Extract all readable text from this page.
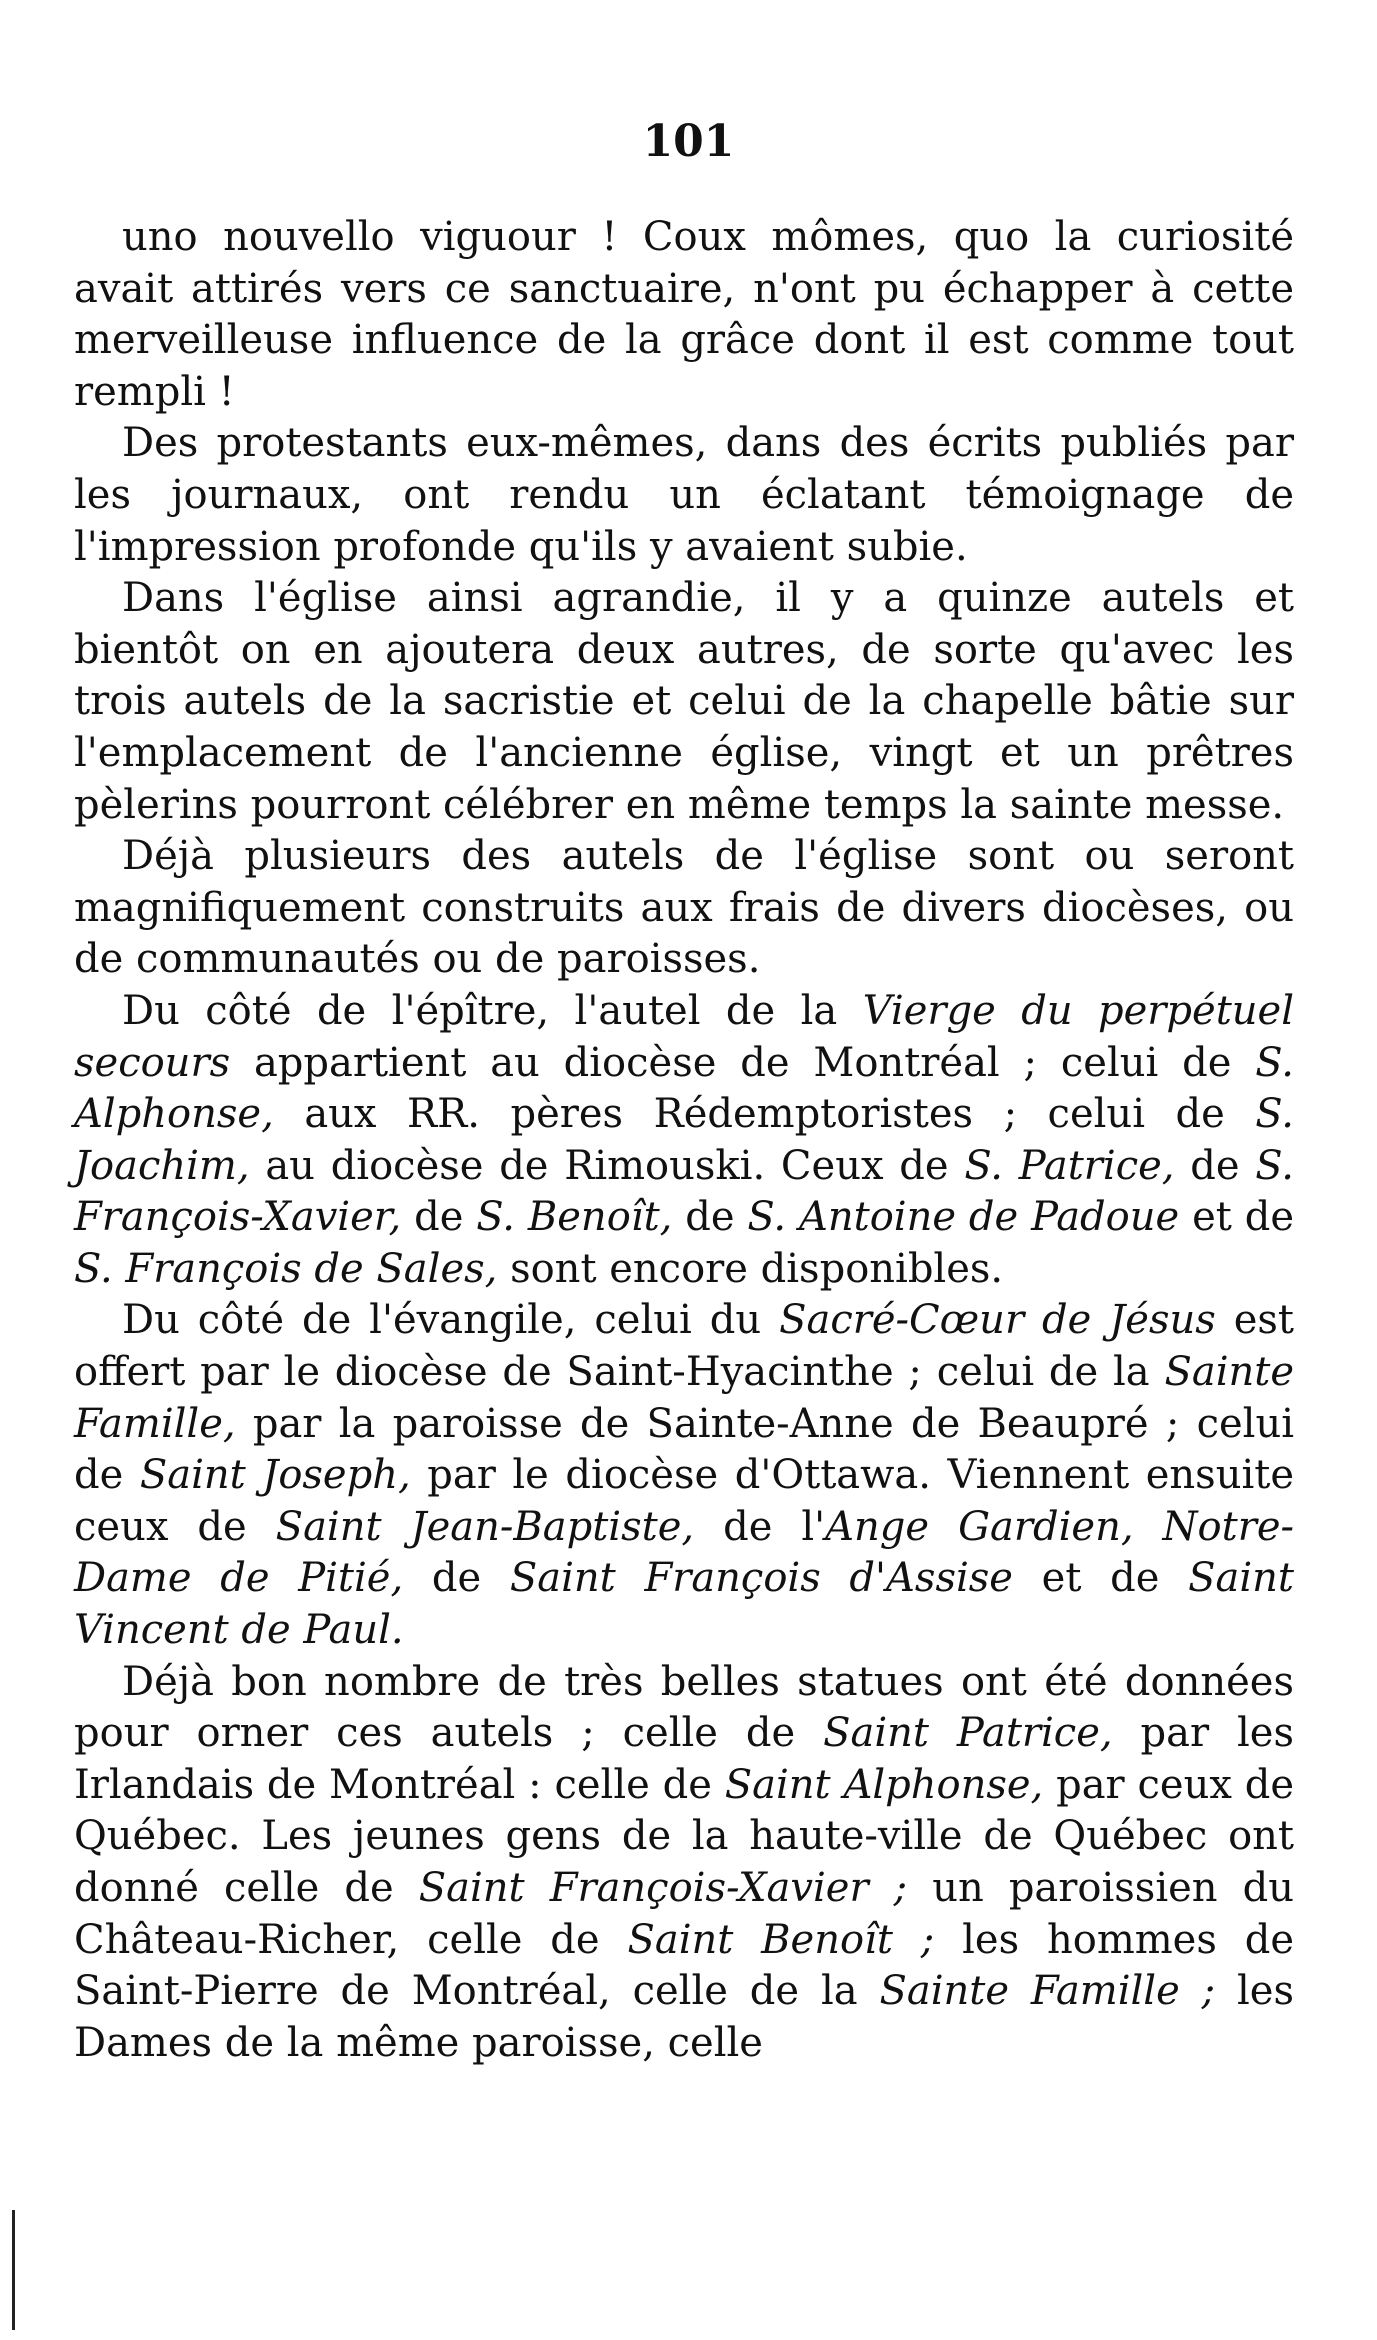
101

uno nouvello viguour ! Coux mômes, quo la curiosité avait attirés vers ce sanctuaire, n'ont pu échapper à cette merveilleuse influence de la grâce dont il est comme tout rempli !

Des protestants eux-mêmes, dans des écrits publiés par les journaux, ont rendu un éclatant témoignage de l'impression profonde qu'ils y avaient subie.

Dans l'église ainsi agrandie, il y a quinze autels et bientôt on en ajoutera deux autres, de sorte qu'avec les trois autels de la sacristie et celui de la chapelle bâtie sur l'emplacement de l'ancienne église, vingt et un prêtres pèlerins pourront célébrer en même temps la sainte messe.

Déjà plusieurs des autels de l'église sont ou seront magnifiquement construits aux frais de divers diocèses, ou de communautés ou de paroisses.

Du côté de l'épître, l'autel de la Vierge du perpétuel secours appartient au diocèse de Montréal ; celui de S. Alphonse, aux RR. pères Rédemptoristes ; celui de S. Joachim, au diocèse de Rimouski. Ceux de S. Patrice, de S. François-Xavier, de S. Benoît, de S. Antoine de Padoue et de S. François de Sales, sont encore disponibles.

Du côté de l'évangile, celui du Sacré-Cœur de Jésus est offert par le diocèse de Saint-Hyacinthe ; celui de la Sainte Famille, par la paroisse de Sainte-Anne de Beaupré ; celui de Saint Joseph, par le diocèse d'Ottawa. Viennent ensuite ceux de Saint Jean-Baptiste, de l'Ange Gardien, Notre-Dame de Pitié, de Saint François d'Assise et de Saint Vincent de Paul.

Déjà bon nombre de très belles statues ont été données pour orner ces autels ; celle de Saint Patrice, par les Irlandais de Montréal : celle de Saint Alphonse, par ceux de Québec. Les jeunes gens de la haute-ville de Québec ont donné celle de Saint François-Xavier ; un paroissien du Château-Richer, celle de Saint Benoît ; les hommes de Saint-Pierre de Montréal, celle de la Sainte Famille ; les Dames de la même paroisse, celle
